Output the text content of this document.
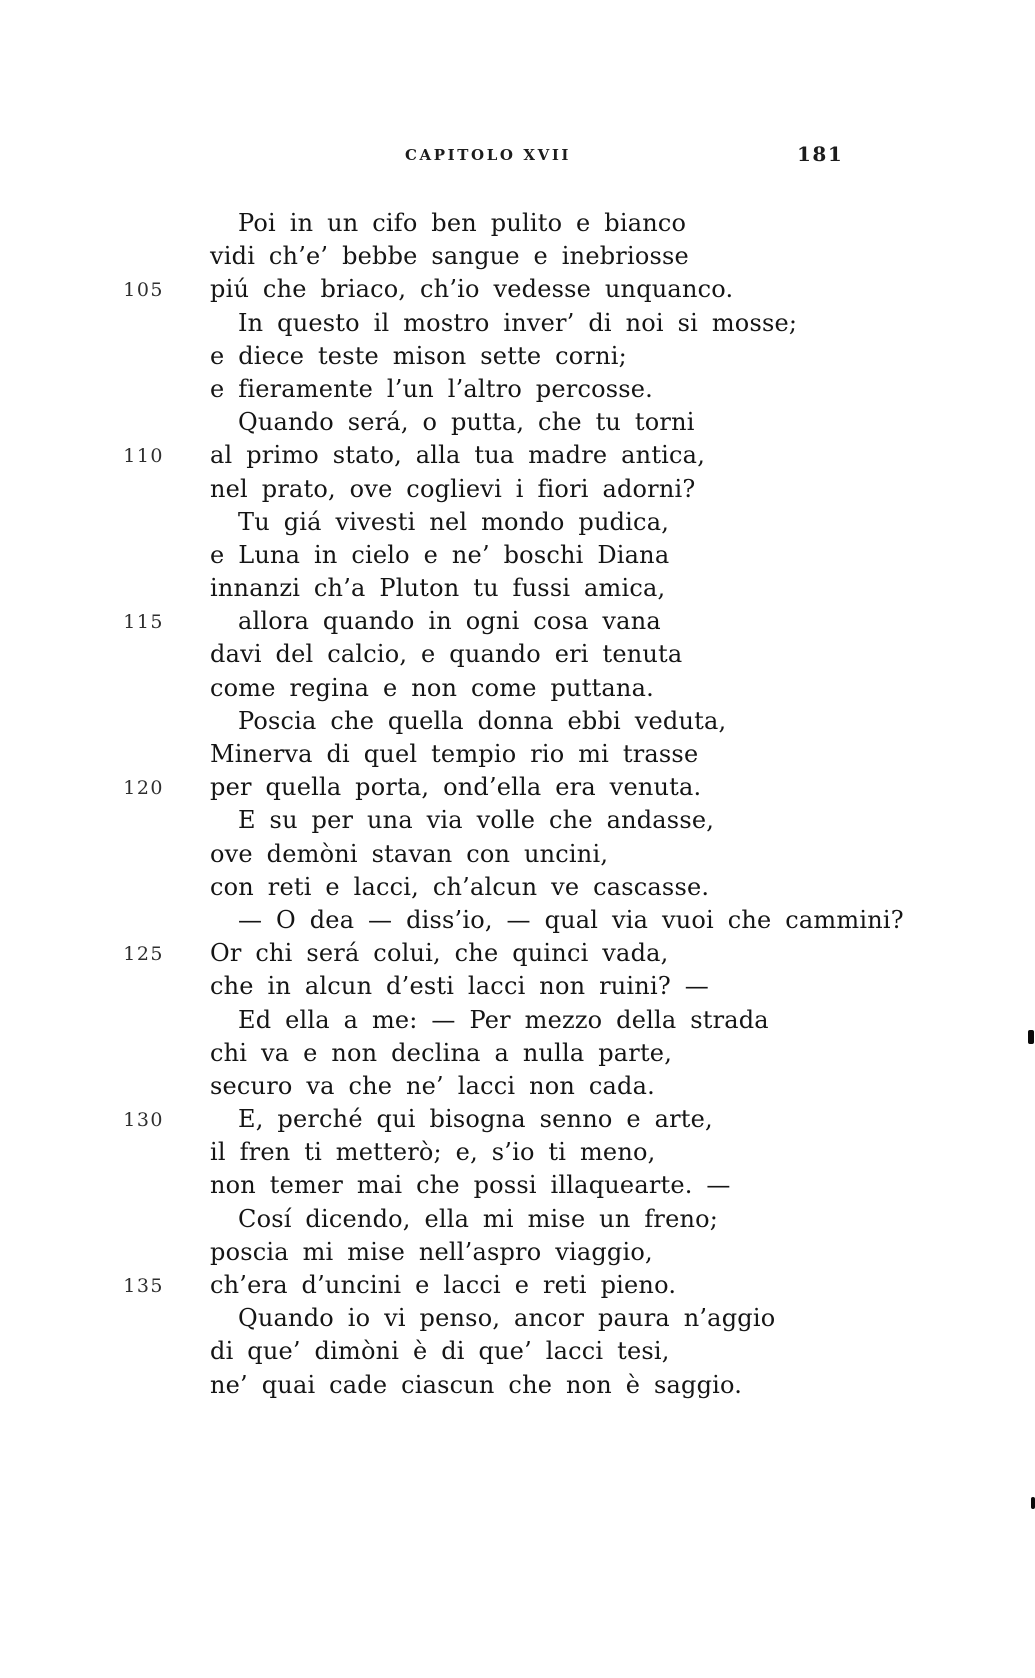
CAPITOLO XVII	181
Poi in un cifo ben pulito e bianco
vidi ch’e’ bebbe sangue e inebriosse
105 piú che briaco, ch’io vedesse unquanco.
In questo il mostro inver’ di noi si mosse;
e diece teste mison sette corni;
e fieramente l’un l’altro percosse.
Quando será, o putta, che tu torni
110 al primo stato, alla tua madre antica,
nel prato, ove coglievi i fiori adorni?
Tu giá vivesti nel mondo pudica,
e Luna in cielo e ne’ boschi Diana
innanzi ch’a Pluton tu fussi amica,
115	allora quando in ogni cosa vana
davi del calcio, e quando eri tenuta
come regina e non come puttana.
Poscia che quella donna ebbi veduta,
Minerva di quel tempio rio mi trasse
120 per quella porta, ond’ella era venuta.
E su per una via volle che andasse,
ove demòni stavan con uncini,
con reti e lacci, ch’alcun ve cascasse.
— O dea — diss’io, — qual via vuoi che cammini?
125 Or chi será colui, che quinci vada,
che in alcun d’esti lacci non ruini? —
Ed ella a me: — Per mezzo della strada
chi va e non declina a nulla parte,
securo va che ne’ lacci non cada.
130	E, perché qui bisogna senno e arte,
il fren ti metterò; e, s’io ti meno,
non temer mai che possi illaquearte. —
Cosí dicendo, ella mi mise un freno;
poscia mi mise nell’aspro viaggio,
135 ch’era d’uncini e lacci e reti pieno.
Quando io vi penso, ancor paura n’aggio
di que’ dimòni è di que’ lacci tesi,
ne’ quai cade ciascun che non è saggio.
